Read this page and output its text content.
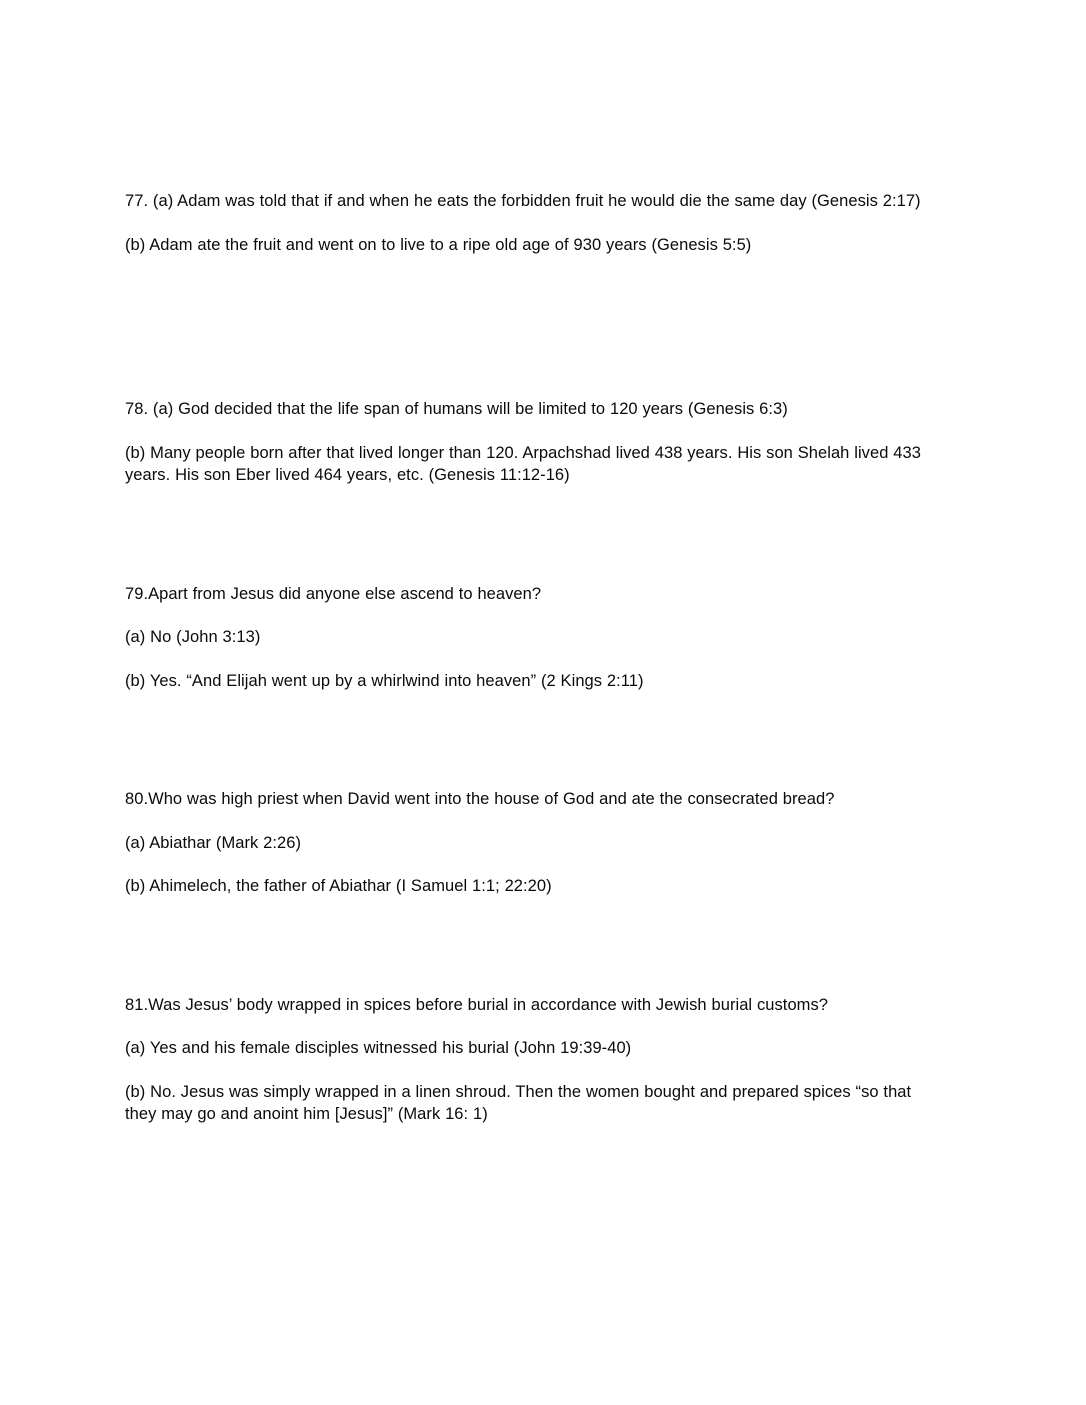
77. (a) Adam was told that if and when he eats the forbidden fruit he would die the same day (Genesis 2:17)

(b) Adam ate the fruit and went on to live to a ripe old age of 930 years (Genesis 5:5)

78. (a) God decided that the life span of humans will be limited to 120 years (Genesis 6:3)

(b) Many people born after that lived longer than 120. Arpachshad lived 438 years. His son Shelah lived 433 years. His son Eber lived 464 years, etc. (Genesis 11:12-16)

79.Apart from Jesus did anyone else ascend to heaven?

(a) No (John 3:13)

(b) Yes. “And Elijah went up by a whirlwind into heaven” (2 Kings 2:11)

80.Who was high priest when David went into the house of God and ate the consecrated bread?

(a) Abiathar (Mark 2:26)

(b) Ahimelech, the father of Abiathar (I Samuel 1:1; 22:20)

81.Was Jesus’ body wrapped in spices before burial in accordance with Jewish burial customs?

(a) Yes and his female disciples witnessed his burial (John 19:39-40)

(b) No. Jesus was simply wrapped in a linen shroud. Then the women bought and prepared spices “so that they may go and anoint him [Jesus]” (Mark 16: 1)
